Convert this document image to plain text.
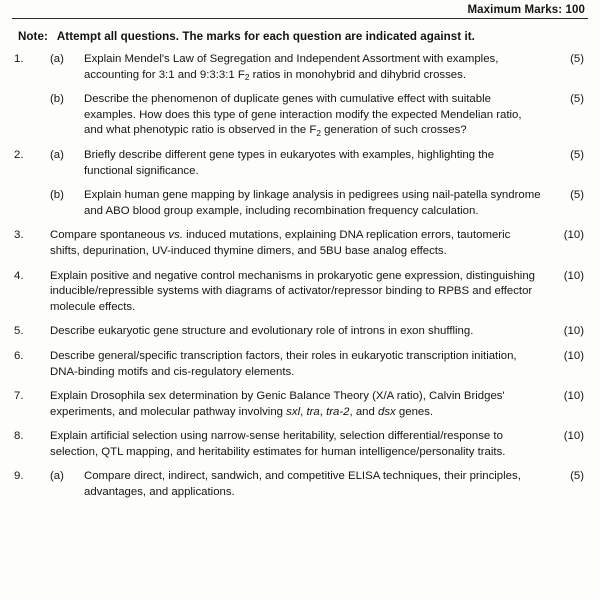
Maximum Marks: 100
Note: Attempt all questions. The marks for each question are indicated against it.
1.	(a)	Explain Mendel's Law of Segregation and Independent Assortment with examples, accounting for 3:1 and 9:3:3:1 $F_2$ ratios in monohybrid and dihybrid crosses.
(5)
(b)	Describe the phenomenon of duplicate genes with cumulative effect with suitable examples. How does this type of gene interaction modify the expected Mendelian ratio, and what phenotypic ratio is observed in the $F_2$ generation of such crosses?
(5)
2.	(a)	Briefly describe different gene types in eukaryotes with examples, highlighting the functional significance.
(5)
(b)	Explain human gene mapping by linkage analysis in pedigrees using nail-patella syndrome and ABO blood group example, including recombination frequency calculation.
(5)
3.	Compare spontaneous vs. induced mutations, explaining DNA replication errors, tautomeric shifts, depurination, UV-induced thymine dimers, and 5BU base analog effects.
(10)
4.	Explain positive and negative control mechanisms in prokaryotic gene expression, distinguishing inducible/repressible systems with diagrams of activator/repressor binding to RPBS and effector molecule effects.
(10)
5.	Describe eukaryotic gene structure and evolutionary role of introns in exon shuffling.	(10)
6.	Describe general/specific transcription factors, their roles in eukaryotic transcription initiation, DNA-binding motifs and cis-regulatory elements.
(10)
7.	Explain Drosophila sex determination by Genic Balance Theory (X/A ratio), Calvin Bridges' experiments, and molecular pathway involving sxl, tra, tra-2, and dsx genes.
(10)
8.	Explain artificial selection using narrow-sense heritability, selection differential/response to selection, QTL mapping, and heritability estimates for human intelligence/personality traits.
(10)
9.	(a)	Compare direct, indirect, sandwich, and competitive ELISA techniques, their principles, advantages, and applications.
(5)
